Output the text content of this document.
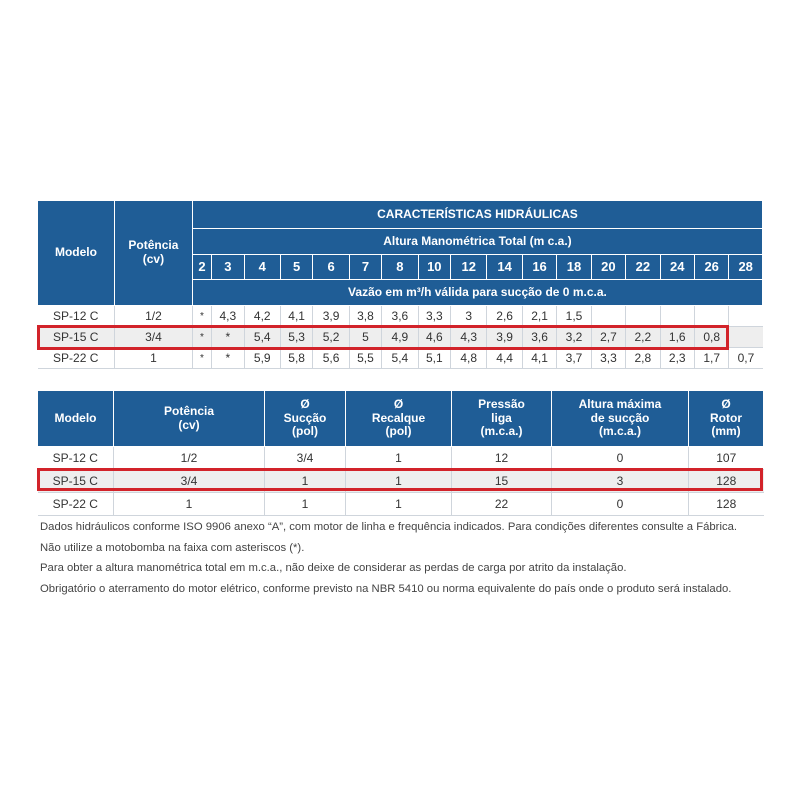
Modelo	Potência
(cv)	CARACTERÍSTICAS HIDRÁULICAS																
		Altura Manométrica Total (m c.a.)																
		2	3	4	5	6	7	8	10	12	14	16	18	20	22	24	26	28
		Vazão em m³/h válida para sucção de 0 m.c.a.																
SP-12 C	1/2	*	4,3	4,2	4,1	3,9	3,8	3,6	3,3	3	2,6	2,1	1,5					
SP-15 C	3/4	*	*	5,4	5,3	5,2	5	4,9	4,6	4,3	3,9	3,6	3,2	2,7	2,2	1,6	0,8	
SP-22 C	1	*	*	5,9	5,8	5,6	5,5	5,4	5,1	4,8	4,4	4,1	3,7	3,3	2,8	2,3	1,7	0,7
Modelo	Potência
(cv)	Ø
Sucção
(pol)	Ø
Recalque
(pol)	Pressão
liga
(m.c.a.)	Altura máxima
de sucção
(m.c.a.)	Ø
Rotor
(mm)
SP-12 C	1/2	3/4	1	12	0	107
SP-15 C	3/4	1	1	15	3	128
SP-22 C	1	1	1	22	0	128
Dados hidráulicos conforme ISO 9906 anexo “A”, com motor de linha e frequência indicados. Para condições diferentes consulte a Fábrica.
Não utilize a motobomba na faixa com asteriscos (*).
Para obter a altura manométrica total em m.c.a., não deixe de considerar as perdas de carga por atrito da instalação.
Obrigatório o aterramento do motor elétrico, conforme previsto na NBR 5410 ou norma equivalente do país onde o produto será instalado.
